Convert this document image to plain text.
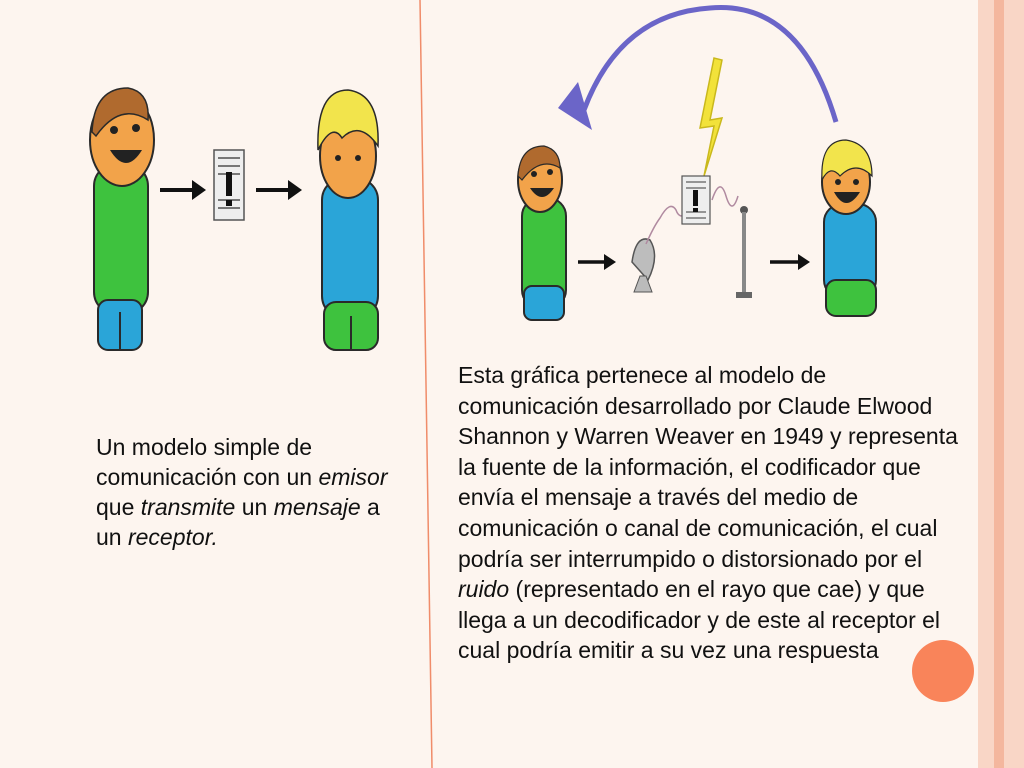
Un modelo simple de comunicación con un emisor que transmite un mensaje a un receptor.

Esta gráfica pertenece al modelo de comunicación desarrollado por Claude Elwood Shannon y Warren Weaver en 1949 y representa la fuente de la información, el codificador que envía el mensaje a través del medio de comunicación o canal de comunicación, el cual podría ser interrumpido o distorsionado por el ruido (representado en el rayo que cae) y que llega a un decodificador y de este al receptor el cual podría emitir a su vez una respuesta
